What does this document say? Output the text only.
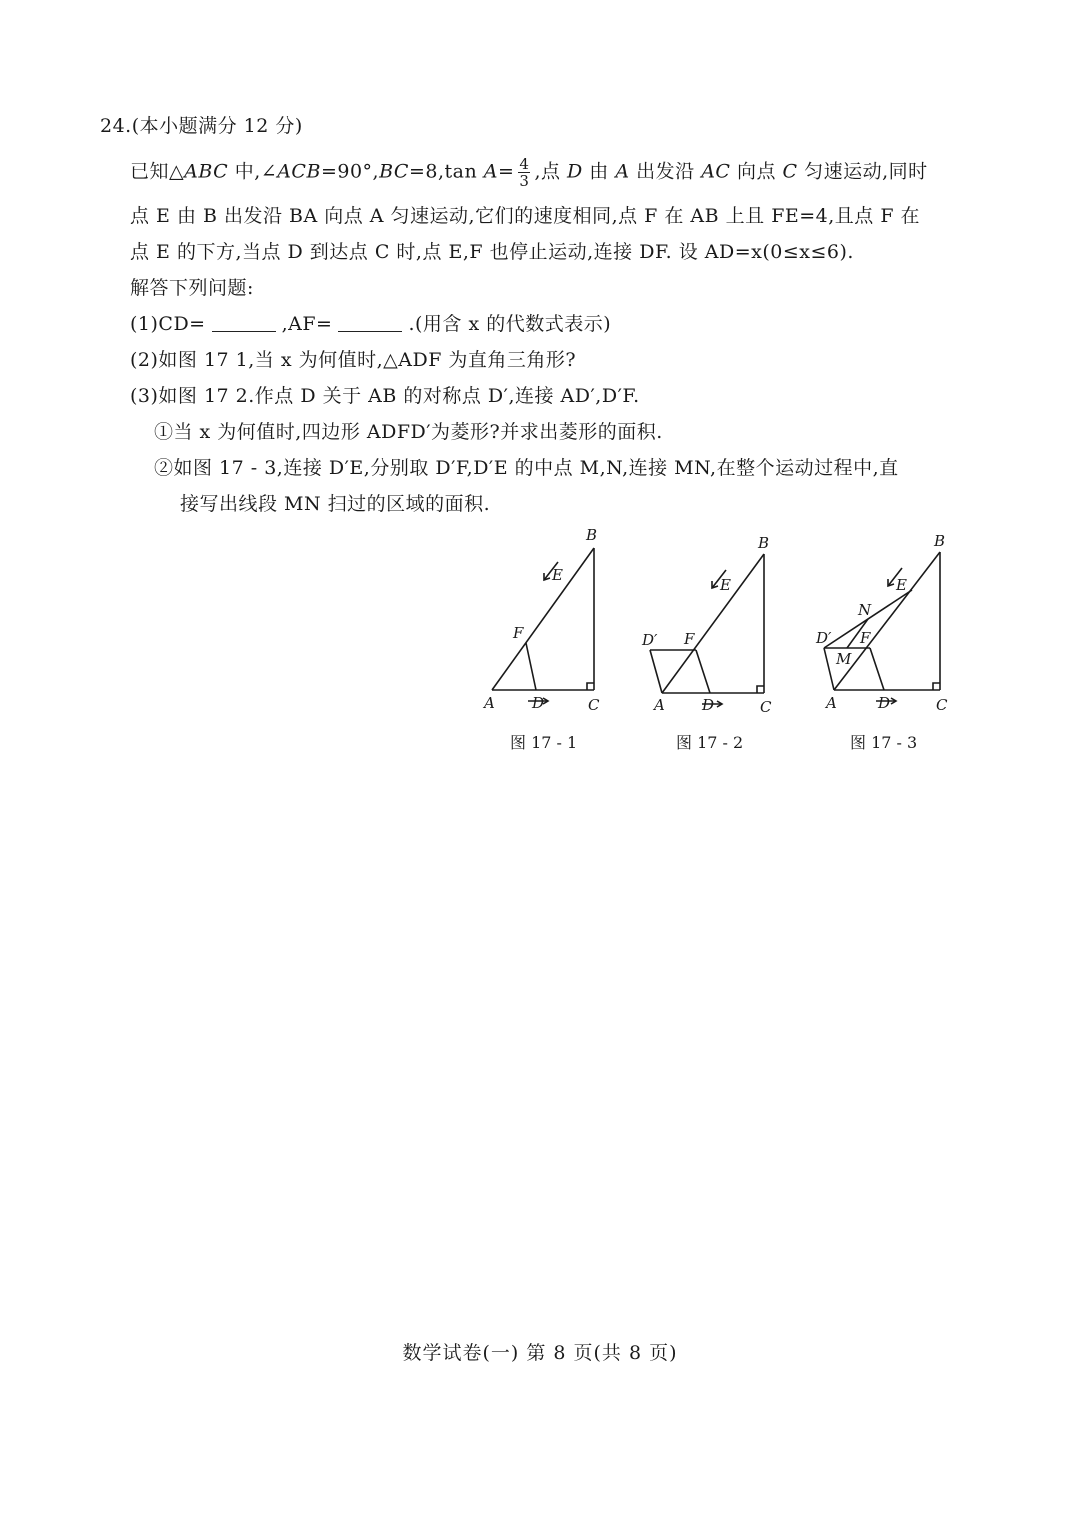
24.(本小题满分 12 分)
已知△ABC 中,∠ACB=90°,BC=8,tan $A= \frac{4}{3}$ ,点 D 由 A 出发沿 AC 向点 C 匀速运动,同时
点 E 由 B 出发沿 BA 向点 A 匀速运动,它们的速度相同,点 F 在 AB 上且 FE=4,且点 F 在
点 E 的下方,当点 D 到达点 C 时,点 E,F 也停止运动,连接 DF. 设 AD=x(0≤x≤6).
解答下列问题:
(1)CD=	,AF=	.(用含 x 的代数式表示)
(2)如图 17 1,当 x 为何值时,△ADF 为直角三角形?
(3)如图 17 2.作点 D 关于 AB 的对称点 D′,连接 AD′,D′F.
①当 x 为何值时,四边形 ADFD′为菱形?并求出菱形的面积.
②如图 17 - 3,连接 D′E,分别取 D′F,D′E 的中点 M,N,连接 MN,在整个运动过程中,直
接写出线段 MN 扫过的区域的面积.
A
B
C
D
E
F
图 17 - 1
A
B
C
D
E
F
D′
图 17 - 2
A
B
C
D
E
F
D′
M
N
图 17 - 3
数学试卷(一) 第 8 页(共 8 页)
